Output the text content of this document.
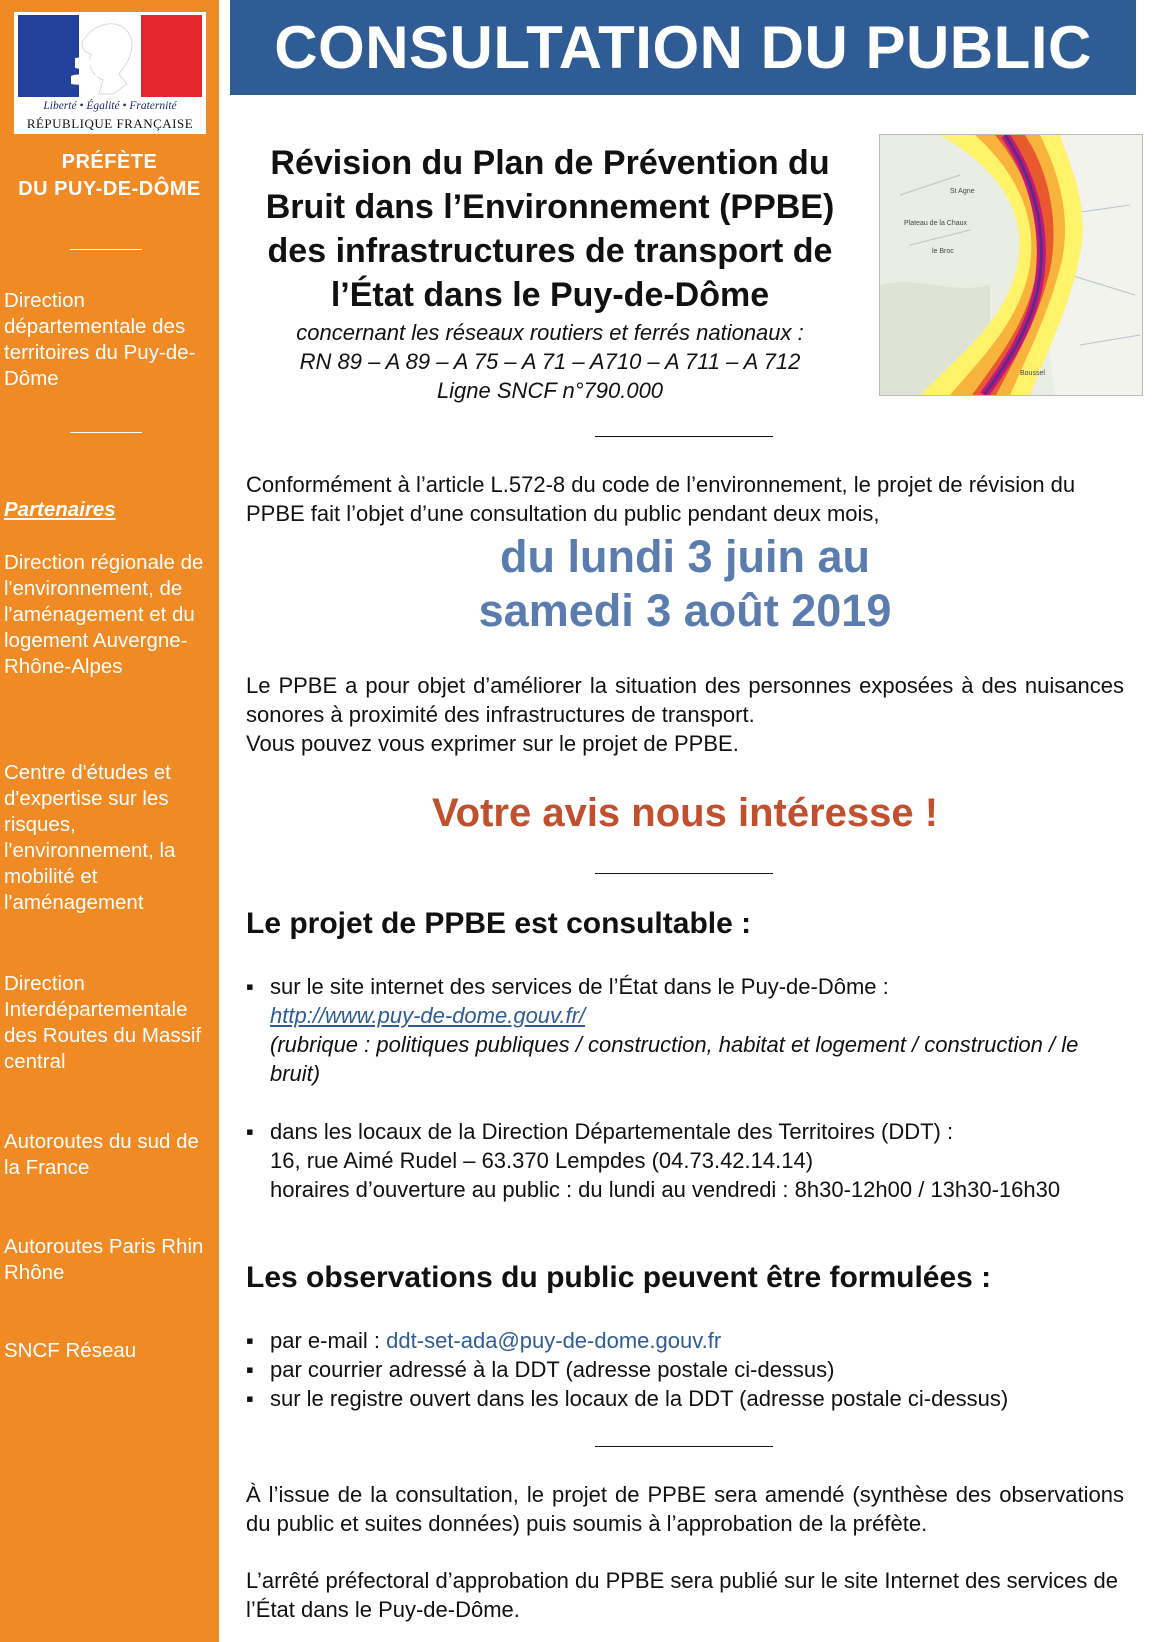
Liberté • Égalité • Fraternité
RÉPUBLIQUE FRANÇAISE
PRÉFÈTE
DU PUY-DE-DÔME
Direction départementale des territoires du Puy-de-Dôme
Partenaires
Direction régionale de l'environnement, de l'aménagement et du logement Auvergne-Rhône-Alpes
Centre d'études et d'expertise sur les risques, l'environnement, la mobilité et l'aménagement
Direction Interdépartementale des Routes du Massif central
Autoroutes du sud de la France
Autoroutes Paris Rhin Rhône
SNCF Réseau
CONSULTATION DU PUBLIC
Révision du Plan de Prévention du Bruit dans l’Environnement (PPBE) des infrastructures de transport de l’État dans le Puy-de-Dôme
concernant les réseaux routiers et ferrés nationaux :
RN 89 – A 89 – A 75 – A 71 – A710 – A 711 – A 712
Ligne SNCF n°790.000
St Agne
Plateau de la Chaux
le Broc
Boussel
Conformément à l’article L.572-8 du code de l’environnement, le projet de révision du PPBE fait l’objet d’une consultation du public pendant deux mois,
du lundi 3 juin au
samedi 3 août 2019
Le PPBE a pour objet d’améliorer la situation des personnes exposées à des nuisances sonores à proximité des infrastructures de transport.
Vous pouvez vous exprimer sur le projet de PPBE.
Votre avis nous intéresse !
Le projet de PPBE est consultable :
▪ sur le site internet des services de l’État dans le Puy-de-Dôme :
http://www.puy-de-dome.gouv.fr/
(rubrique : politiques publiques / construction, habitat et logement / construction / le bruit)
▪ dans les locaux de la Direction Départementale des Territoires (DDT) :
16, rue Aimé Rudel – 63.370 Lempdes (04.73.42.14.14)
horaires d’ouverture au public : du lundi au vendredi : 8h30-12h00 / 13h30-16h30
Les observations du public peuvent être formulées :
▪ par e-mail : ddt-set-ada@puy-de-dome.gouv.fr
▪ par courrier adressé à la DDT (adresse postale ci-dessus)
▪ sur le registre ouvert dans les locaux de la DDT (adresse postale ci-dessus)
À l’issue de la consultation, le projet de PPBE sera amendé (synthèse des observations du public et suites données) puis soumis à l’approbation de la préfète.
L’arrêté préfectoral d’approbation du PPBE sera publié sur le site Internet des services de l’État dans le Puy-de-Dôme.
